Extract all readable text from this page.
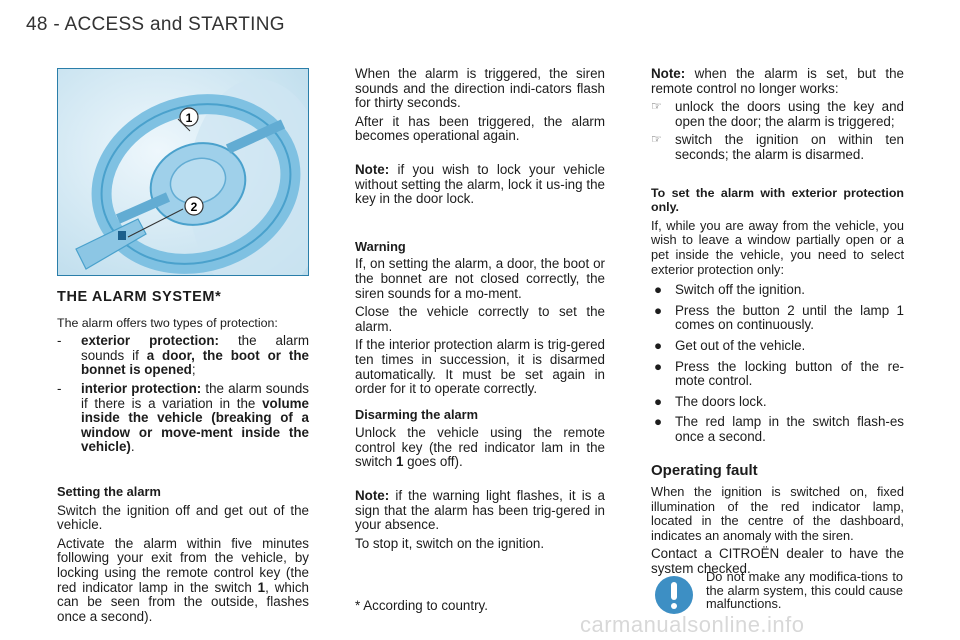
48 - ACCESS and STARTING
1
2

THE ALARM SYSTEM*

The alarm offers two types of protection:

- exterior protection: the alarm sounds if a door, the boot or the bonnet is opened;
- interior protection: the alarm sounds if there is a variation in the volume inside the vehicle (breaking of a window or move-ment inside the vehicle).

Setting the alarm

Switch the ignition off and get out of the vehicle.

Activate the alarm within five minutes following your exit from the vehicle, by locking using the remote control key (the red indicator lamp in the switch 1, which can be seen from the outside, flashes once a second).

When the alarm is triggered, the siren sounds and the direction indi-cators flash for thirty seconds.

After it has been triggered, the alarm becomes operational again.

Note: if you wish to lock your vehicle without setting the alarm, lock it us-ing the key in the door lock.

Warning

If, on setting the alarm, a door, the boot or the bonnet are not closed correctly, the siren sounds for a mo-ment.

Close the vehicle correctly to set the alarm.

If the interior protection alarm is trig-gered ten times in succession, it is disarmed automatically. It must be set again in order for it to operate correctly.

Disarming the alarm

Unlock the vehicle using the remote control key (the red indicator lam in the switch 1 goes off).

Note: if the warning light flashes, it is a sign that the alarm has been trig-gered in your absence.

To stop it, switch on the ignition.

* According to country.

Note: when the alarm is set, but the remote control no longer works:

☞ unlock the doors using the key and open the door; the alarm is triggered;
☞ switch the ignition on within ten seconds; the alarm is disarmed.

To set the alarm with exterior protection only.

If, while you are away from the vehicle, you wish to leave a window partially open or a pet inside the vehicle, you need to select exterior protection only:

● Switch off the ignition.
● Press the button 2 until the lamp 1 comes on continuously.
● Get out of the vehicle.
● Press the locking button of the re-mote control.
● The doors lock.
● The red lamp in the switch flash-es once a second.

Operating fault

When the ignition is switched on, fixed illumination of the red indicator lamp, located in the centre of the dashboard, indicates an anomaly with the siren.

Contact a CITROËN dealer to have the system checked.

Do not make any modifica-tions to the alarm system, this could cause malfunctions.
carmanualsonline.info
